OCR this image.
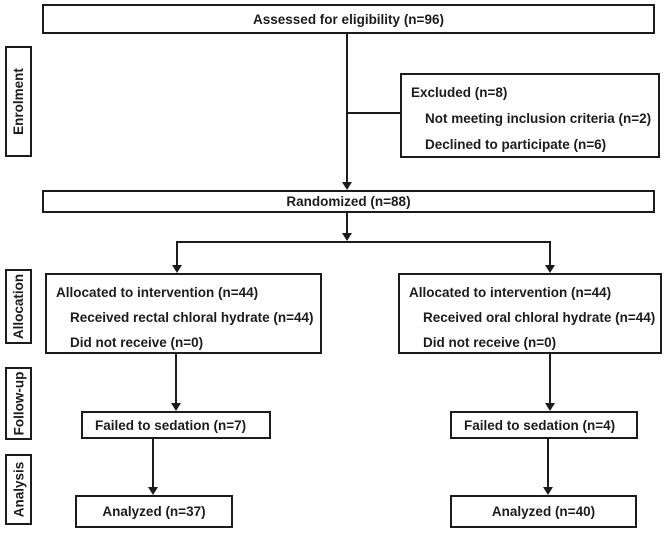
Enrolment
Allocation
Follow-up
Analysis
Assessed for eligibility (n=96)
Excluded (n=8)
Not meeting inclusion criteria (n=2)
Declined to participate (n=6)
Randomized (n=88)
Allocated to intervention (n=44)
Received rectal chloral hydrate (n=44)
Did not receive (n=0)
Allocated to intervention (n=44)
Received oral chloral hydrate (n=44)
Did not receive (n=0)
Failed to sedation (n=7)	Failed to sedation (n=4)
Analyzed (n=37)	Analyzed (n=40)
